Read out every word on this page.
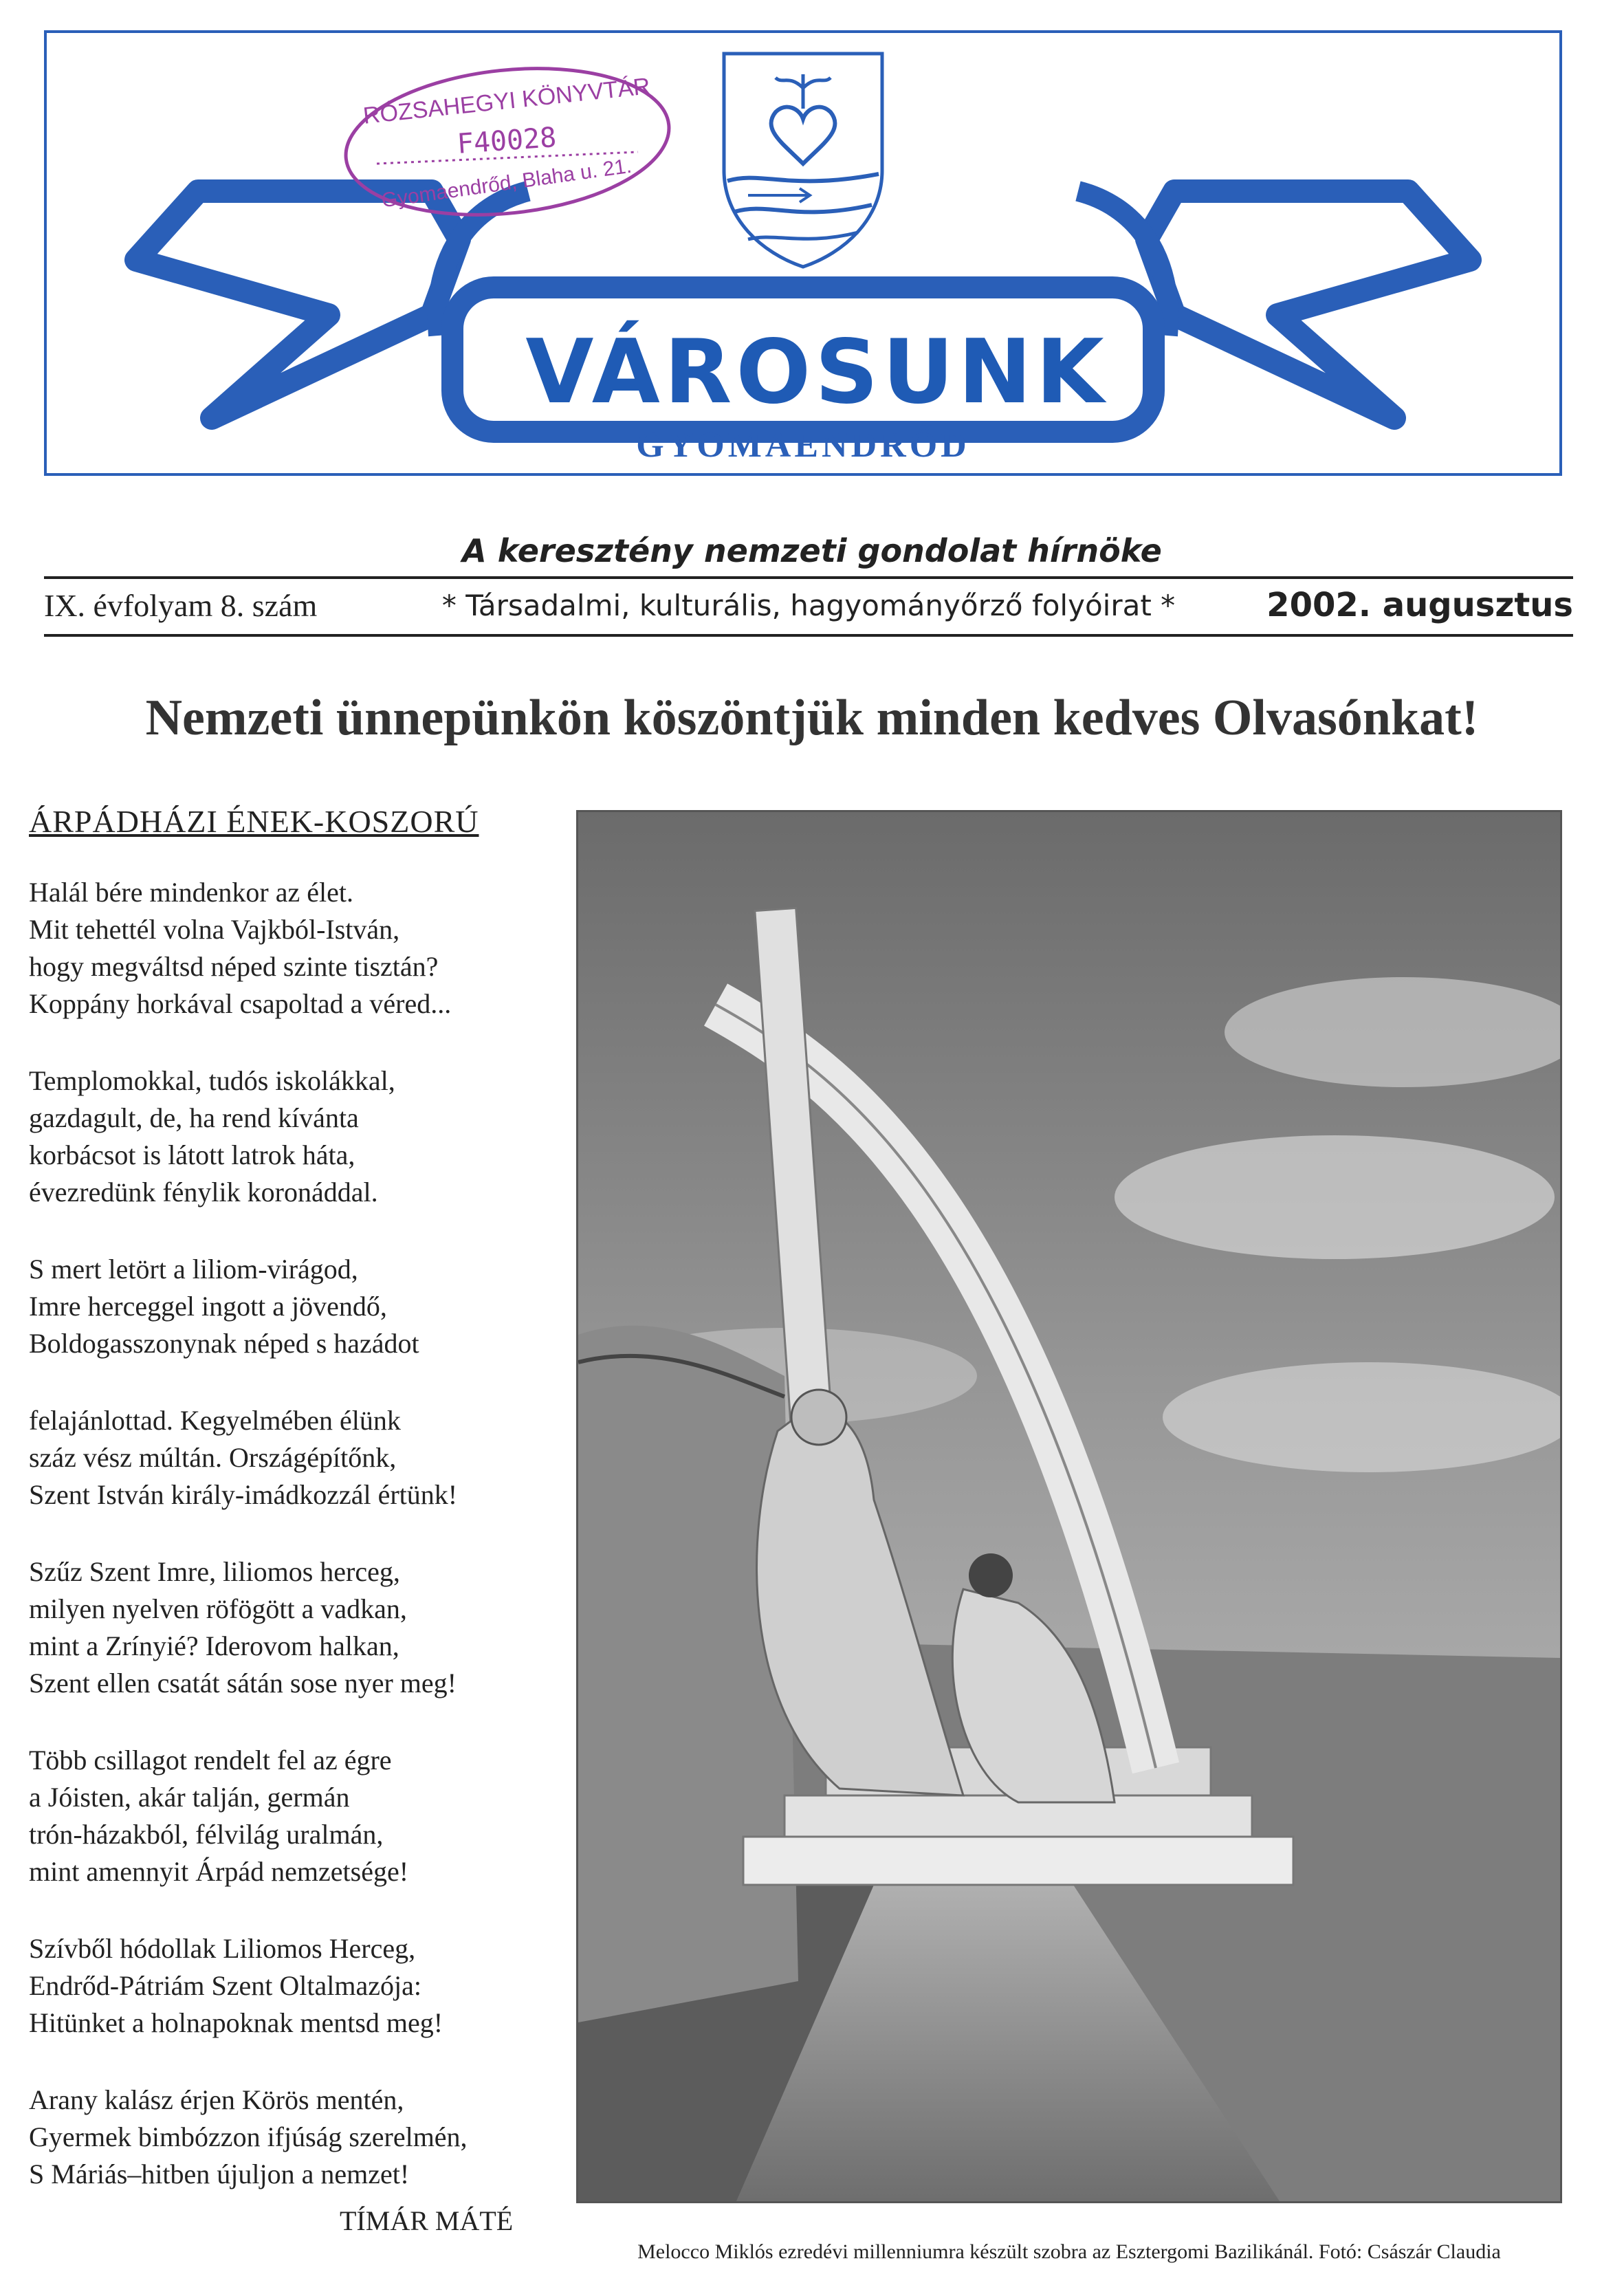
RÓZSAHEGYI KÖNYVTÁR
F40028
Gyomaendrőd, Blaha u. 21.
VÁROSUNK
GYOMAENDRŐD
A keresztény nemzeti gondolat hírnöke
IX. évfolyam 8. szám	* Társadalmi, kulturális, hagyományőrző folyóirat *	2002. augusztus
Nemzeti ünnepünkön köszöntjük minden kedves Olvasónkat!
ÁRPÁDHÁZI ÉNEK-KOSZORÚ
Halál bére mindenkor az élet.
Mit tehettél volna Vajkból-István,
hogy megváltsd néped szinte tisztán?
Koppány horkával csapoltad a véred...
Templomokkal, tudós iskolákkal,
gazdagult, de, ha rend kívánta
korbácsot is látott latrok háta,
évezredünk fénylik koronáddal.
S mert letört a liliom-virágod,
Imre herceggel ingott a jövendő,
Boldogasszonynak néped s hazádot
felajánlottad. Kegyelmében élünk
száz vész múltán. Országépítőnk,
Szent István király-imádkozzál értünk!
Szűz Szent Imre, liliomos herceg,
milyen nyelven röfögött a vadkan,
mint a Zrínyié? Iderovom halkan,
Szent ellen csatát sátán sose nyer meg!
Több csillagot rendelt fel az égre
a Jóisten, akár talján, germán
trón-házakból, félvilág uralmán,
mint amennyit Árpád nemzetsége!
Szívből hódollak Liliomos Herceg,
Endrőd-Pátriám Szent Oltalmazója:
Hitünket a holnapoknak mentsd meg!
Arany kalász érjen Körös mentén,
Gyermek bimbózzon ifjúság szerelmén,
S Máriás–hitben újuljon a nemzet!
TÍMÁR MÁTÉ
Melocco Miklós ezredévi millenniumra készült szobra az Esztergomi Bazilikánál. Fotó: Császár Claudia
